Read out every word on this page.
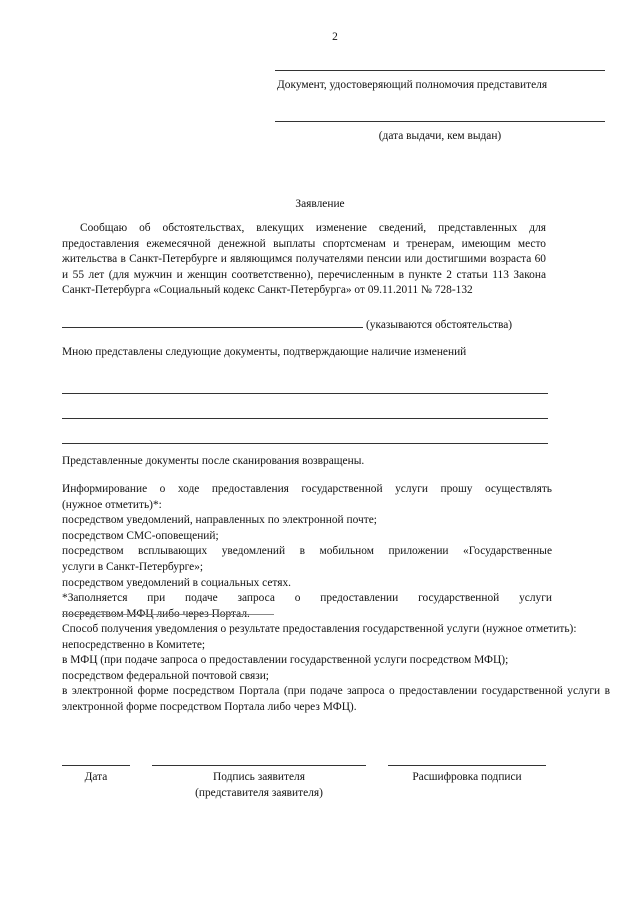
2
Документ, удостоверяющий полномочия представителя
(дата выдачи, кем выдан)
Заявление
Сообщаю об обстоятельствах, влекущих изменение сведений, представленных для предоставления ежемесячной денежной выплаты спортсменам и тренерам, имеющим место жительства в Санкт-Петербурге и являющимся получателями пенсии или достигшими возраста 60 и 55 лет (для мужчин и женщин соответственно), перечисленным в пункте 2 статьи 113 Закона Санкт-Петербурга «Социальный кодекс Санкт-Петербурга» от 09.11.2011 № 728-132
(указываются обстоятельства)
Мною представлены следующие документы, подтверждающие наличие изменений
Представленные документы после сканирования возвращены.
Информирование о ходе предоставления государственной услуги прошу осуществлять
(нужное отметить)*:
посредством уведомлений, направленных по электронной почте;
посредством СМС-оповещений;
посредством всплывающих уведомлений в мобильном приложении «Государственные
услуги в Санкт-Петербурге»;
посредством уведомлений в социальных сетях.
*Заполняется при подаче запроса о предоставлении государственной услуги
посредством МФЦ либо через Портал.
Способ получения уведомления о результате предоставления государственной услуги (нужное отметить):
непосредственно в Комитете;
в МФЦ (при подаче запроса о предоставлении государственной услуги посредством МФЦ);
посредством федеральной почтовой связи;
в электронной форме посредством Портала (при подаче запроса о предоставлении государственной услуги в электронной форме посредством Портала либо через МФЦ).
Дата	Подпись заявителя
(представителя заявителя)
Расшифровка подписи
